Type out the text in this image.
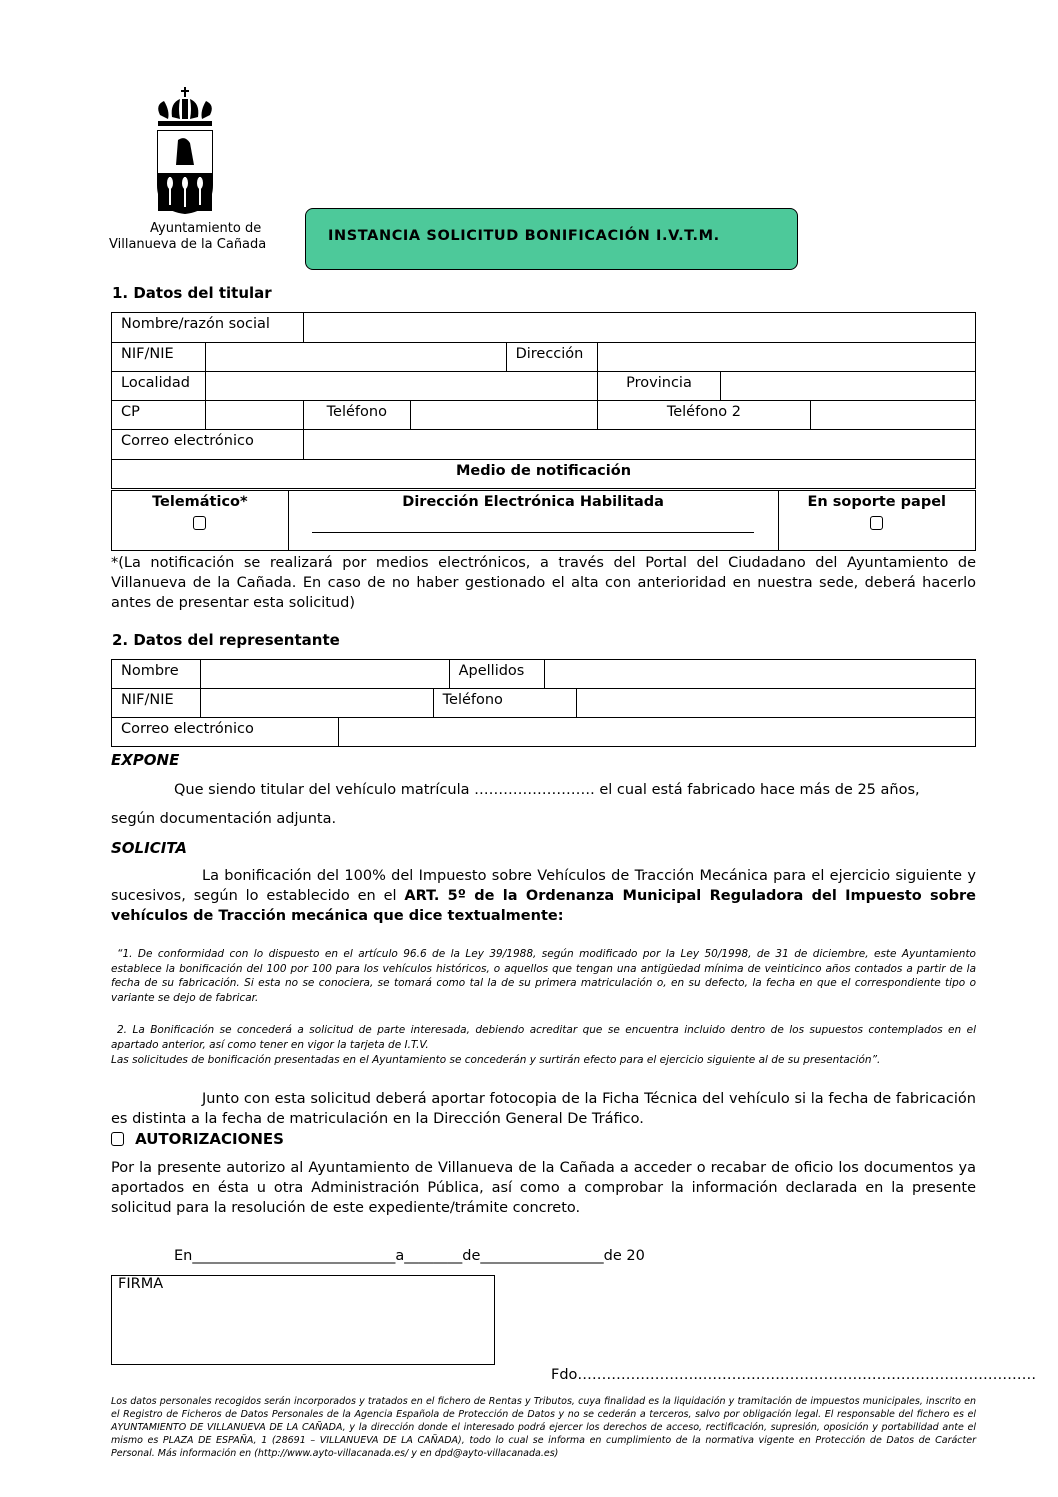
Ayuntamiento de
Villanueva de la Cañada
INSTANCIA SOLICITUD BONIFICACIÓN I.V.T.M.
1. Datos del titular
Nombre/razón social							
NIF/NIE				Dirección			
Localidad					Provincia		
CP		Teléfono			Teléfono 2		
Correo electrónico							
Medio de notificación							
Telemático*	Dirección Electrónica Habilitada	En soporte papel
*(La notificación se realizará por medios electrónicos, a través del Portal del Ciudadano del Ayuntamiento de Villanueva de la Cañada. En caso de no haber gestionado el alta con anterioridad en nuestra sede, deberá hacerlo antes de presentar esta solicitud)
2. Datos del representante
Nombre				Apellidos		
NIF/NIE			Teléfono			
Correo electrónico						
EXPONE
Que siendo titular del vehículo matrícula ……………………. el cual está fabricado hace más de 25 años,
según documentación adjunta.
SOLICITA
La bonificación del 100% del Impuesto sobre Vehículos de Tracción Mecánica para el ejercicio siguiente y sucesivos, según lo establecido en el ART. 5º de la Ordenanza Municipal Reguladora del Impuesto sobre vehículos de Tracción mecánica que dice textualmente:
“1. De conformidad con lo dispuesto en el artículo 96.6 de la Ley 39/1988, según modificado por la Ley 50/1998, de 31 de diciembre, este Ayuntamiento establece la bonificación del 100 por 100 para los vehículos históricos, o aquellos que tengan una antigüedad mínima de veinticinco años contados a partir de la fecha de su fabricación. Si esta no se conociera, se tomará como tal la de su primera matriculación o, en su defecto, la fecha en que el correspondiente tipo o variante se dejo de fabricar.
2. La Bonificación se concederá a solicitud de parte interesada, debiendo acreditar que se encuentra incluido dentro de los supuestos contemplados en el apartado anterior, así como tener en vigor la tarjeta de I.T.V.
Las solicitudes de bonificación presentadas en el Ayuntamiento se concederán y surtirán efecto para el ejercicio siguiente al de su presentación”.
Junto con esta solicitud deberá aportar fotocopia de la Ficha Técnica del vehículo si la fecha de fabricación es distinta a la fecha de matriculación en la Dirección General De Tráfico.
AUTORIZACIONES
Por la presente autorizo al Ayuntamiento de Villanueva de la Cañada a acceder o recabar de oficio los documentos ya aportados en ésta u otra Administración Pública, así como a comprobar la información declarada en la presente solicitud para la resolución de este expediente/trámite concreto.
En____________________________a________de_________________de 20
FIRMA
Fdo……………………..……………………………………………………………
Los datos personales recogidos serán incorporados y tratados en el fichero de Rentas y Tributos, cuya finalidad es la liquidación y tramitación de impuestos municipales, inscrito en el Registro de Ficheros de Datos Personales de la Agencia Española de Protección de Datos y no se cederán a terceros, salvo por obligación legal. El responsable del fichero es el AYUNTAMIENTO DE VILLANUEVA DE LA CAÑADA, y la dirección donde el interesado podrá ejercer los derechos de acceso, rectificación, supresión, oposición y portabilidad ante el mismo es PLAZA DE ESPAÑA, 1 (28691 – VILLANUEVA DE LA CAÑADA), todo lo cual se informa en cumplimiento de la normativa vigente en Protección de Datos de Carácter Personal. Más información en (http://www.ayto-villacanada.es/ y en dpd@ayto-villacanada.es)
